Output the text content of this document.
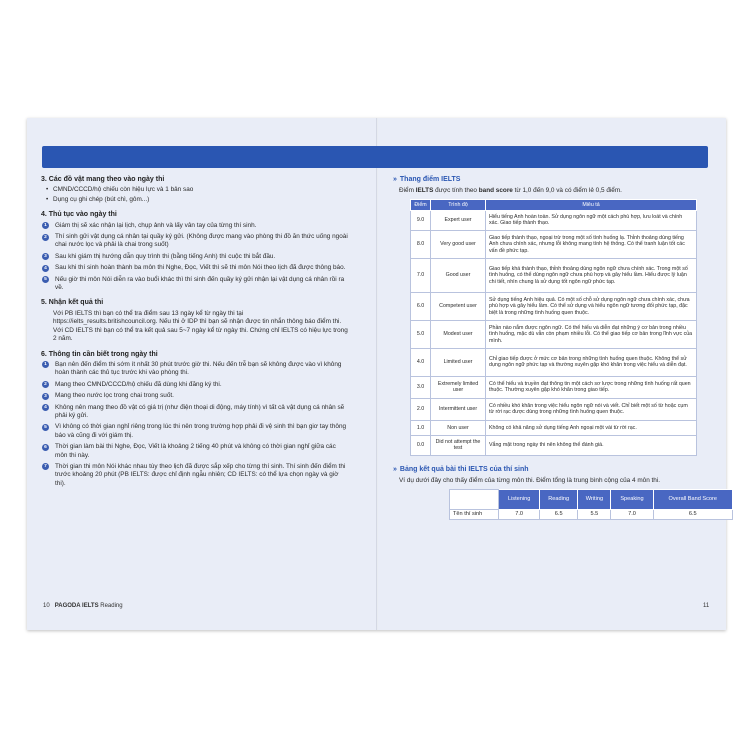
3. Các đồ vật mang theo vào ngày thi
• CMND/CCCD/hộ chiếu còn hiệu lực và 1 bản sao
• Dụng cụ ghi chép (bút chì, gôm...)
4. Thủ tục vào ngày thi
1	Giám thị sẽ xác nhận lại lịch, chụp ảnh và lấy vân tay của từng thí sinh.
2	Thí sinh gửi vật dụng cá nhân tại quầy ký gửi. (Không được mang vào phòng thi đồ ăn thức uống ngoài chai nước lọc và phải là chai trong suốt)
3	Sau khi giám thị hướng dẫn quy trình thi (bằng tiếng Anh) thì cuộc thi bắt đầu.
4	Sau khi thí sinh hoàn thành ba môn thi Nghe, Đọc, Viết thì sẽ thi môn Nói theo lịch đã được thông báo.
5	Nếu giờ thi môn Nói diễn ra vào buổi khác thì thí sinh đến quầy ký gửi nhận lại vật dụng cá nhân rồi ra về.
5. Nhận kết quả thi

Với PB IELTS thì bạn có thể tra điểm sau 13 ngày kể từ ngày thi tại https://ielts_results.britishcouncil.org. Nếu thi ở IDP thì bạn sẽ nhận được tin nhắn thông báo điểm thi. Với CD IELTS thì bạn có thể tra kết quả sau 5~7 ngày kể từ ngày thi. Chứng chỉ IELTS có hiệu lực trong 2 năm.

6. Thông tin cần biết trong ngày thi
1	Bạn nên đến điểm thi sớm ít nhất 30 phút trước giờ thi. Nếu đến trễ bạn sẽ không được vào vì không hoàn thành các thủ tục trước khi vào phòng thi.
2	Mang theo CMND/CCCD/hộ chiếu đã dùng khi đăng ký thi.
3	Mang theo nước lọc trong chai trong suốt.
4	Không nên mang theo đồ vật có giá trị (như điện thoại di động, máy tính) vì tất cả vật dụng cá nhân sẽ phải ký gửi.
5	Vì không có thời gian nghỉ riêng trong lúc thi nên trong trường hợp phải đi vệ sinh thì bạn giơ tay thông báo và cũng đi với giám thị.
6	Thời gian làm bài thi Nghe, Đọc, Viết là khoảng 2 tiếng 40 phút và không có thời gian nghỉ giữa các môn thi này.
7	Thời gian thi môn Nói khác nhau tùy theo lịch đã được sắp xếp cho từng thí sinh. Thí sinh đến điểm thi trước khoảng 20 phút (PB IELTS: được chỉ định ngẫu nhiên; CD IELTS: có thể lựa chọn ngày và giờ thi).
» Thang điểm IELTS

Điểm IELTS được tính theo band score từ 1,0 đến 9,0 và có điểm lẻ 0,5 điểm.

Điểm	Trình độ	Miêu tả
9.0	Expert user	Hiểu tiếng Anh hoàn toàn. Sử dụng ngôn ngữ một cách phù hợp, lưu loát và chính xác. Giao tiếp thành thạo.
8.0	Very good user	Giao tiếp thành thạo, ngoại trừ trong một số tình huống lạ. Thỉnh thoảng dùng tiếng Anh chưa chính xác, nhưng lỗi không mang tính hệ thống. Có thể tranh luận tốt các vấn đề phức tạp.
7.0	Good user	Giao tiếp khá thành thạo, thỉnh thoảng dùng ngôn ngữ chưa chính xác. Trong một số tình huống, có thể dùng ngôn ngữ chưa phù hợp và gây hiểu lầm. Hiểu được lý luận chi tiết, nhìn chung là sử dụng tốt ngôn ngữ phức tạp.
6.0	Competent user	Sử dụng tiếng Anh hiệu quả. Có một số chỗ sử dụng ngôn ngữ chưa chính xác, chưa phù hợp và gây hiểu lầm. Có thể sử dụng và hiểu ngôn ngữ tương đối phức tạp, đặc biệt là trong những tình huống quen thuộc.
5.0	Modest user	Phần nào nắm được ngôn ngữ. Có thể hiểu và diễn đạt những ý cơ bản trong nhiều tình huống, mặc dù vẫn còn phạm nhiều lỗi. Có thể giao tiếp cơ bản trong lĩnh vực của mình.
4.0	Limited user	Chỉ giao tiếp được ở mức cơ bản trong những tình huống quen thuộc. Không thể sử dụng ngôn ngữ phức tạp và thường xuyên gặp khó khăn trong việc hiểu và diễn đạt.
3.0	Extremely limited user	Có thể hiểu và truyền đạt thông tin một cách sơ lược trong những tình huống rất quen thuộc. Thường xuyên gặp khó khăn trong giao tiếp.
2.0	Intermittent user	Có nhiều khó khăn trong việc hiểu ngôn ngữ nói và viết. Chỉ biết một số từ hoặc cụm từ rời rạc được dùng trong những tình huống quen thuộc.
1.0	Non user	Không có khả năng sử dụng tiếng Anh ngoại một vài từ rời rạc.
0.0	Did not attempt the test	Vắng mặt trong ngày thi nên không thể đánh giá.
» Bảng kết quả bài thi IELTS của thí sinh

Ví dụ dưới đây cho thấy điểm của từng môn thi. Điểm tổng là trung bình cộng của 4 môn thi.

	Listening	Reading	Writing	Speaking	Overall Band Score
Tên thí sinh	7.0	6.5	5.5	7.0	6.5
10 PAGODA IELTS Reading	11
